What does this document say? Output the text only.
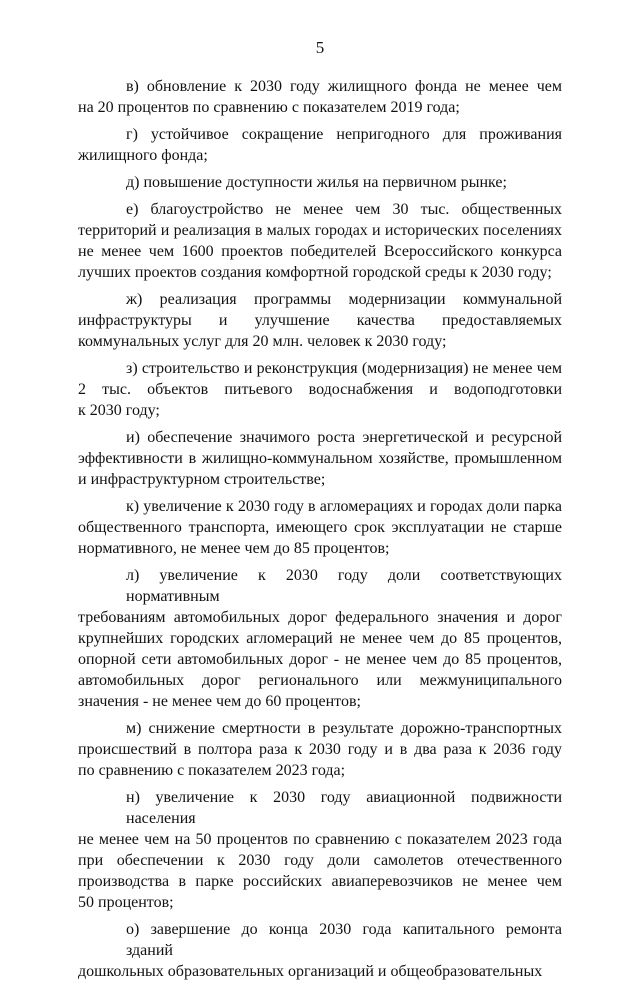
5

в) обновление к 2030 году жилищного фонда не менее чем
на 20 процентов по сравнению с показателем 2019 года;

г) устойчивое сокращение непригодного для проживания
жилищного фонда;

д) повышение доступности жилья на первичном рынке;

е) благоустройство не менее чем 30 тыс. общественных
территорий и реализация в малых городах и исторических поселениях
не менее чем 1600 проектов победителей Всероссийского конкурса
лучших проектов создания комфортной городской среды к 2030 году;

ж) реализация программы модернизации коммунальной
инфраструктуры и улучшение качества предоставляемых
коммунальных услуг для 20 млн. человек к 2030 году;

з) строительство и реконструкция (модернизация) не менее чем
2 тыс. объектов питьевого водоснабжения и водоподготовки
к 2030 году;

и) обеспечение значимого роста энергетической и ресурсной
эффективности в жилищно-коммунальном хозяйстве, промышленном
и инфраструктурном строительстве;

к) увеличение к 2030 году в агломерациях и городах доли парка
общественного транспорта, имеющего срок эксплуатации не старше
нормативного, не менее чем до 85 процентов;

л) увеличение к 2030 году доли соответствующих нормативным
требованиям автомобильных дорог федерального значения и дорог
крупнейших городских агломераций не менее чем до 85 процентов,
опорной сети автомобильных дорог - не менее чем до 85 процентов,
автомобильных дорог регионального или межмуниципального
значения - не менее чем до 60 процентов;

м) снижение смертности в результате дорожно-транспортных
происшествий в полтора раза к 2030 году и в два раза к 2036 году
по сравнению с показателем 2023 года;

н) увеличение к 2030 году авиационной подвижности населения
не менее чем на 50 процентов по сравнению с показателем 2023 года
при обеспечении к 2030 году доли самолетов отечественного
производства в парке российских авиаперевозчиков не менее чем
50 процентов;

о) завершение до конца 2030 года капитального ремонта зданий
дошкольных образовательных организаций и общеобразовательных
